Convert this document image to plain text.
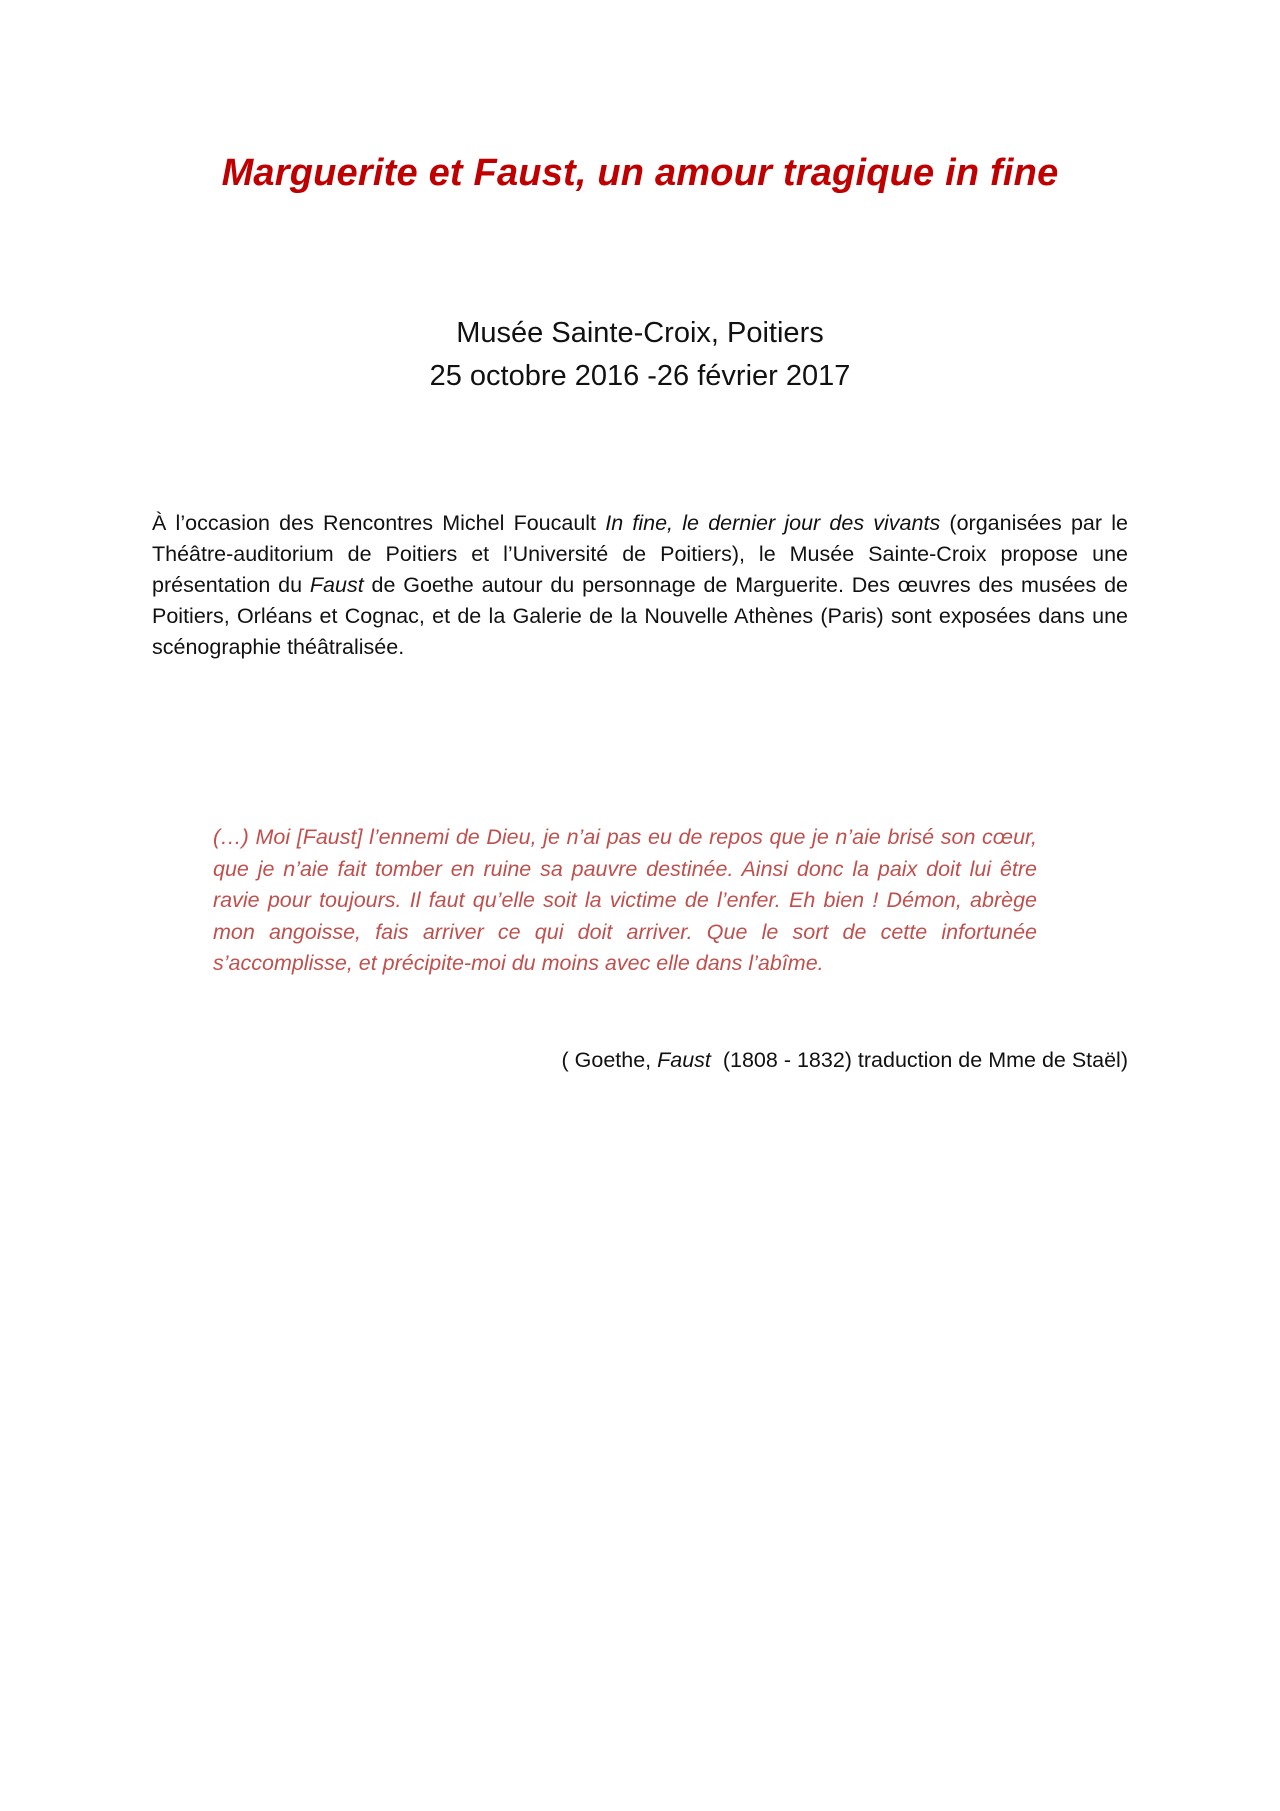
Marguerite et Faust, un amour tragique in fine
Musée Sainte-Croix, Poitiers
25 octobre 2016 -26 février 2017

À l’occasion des Rencontres Michel Foucault In fine, le dernier jour des vivants (organisées par le Théâtre-auditorium de Poitiers et l’Université de Poitiers), le Musée Sainte-Croix propose une présentation du Faust de Goethe autour du personnage de Marguerite. Des œuvres des musées de Poitiers, Orléans et Cognac, et de la Galerie de la Nouvelle Athènes (Paris) sont exposées dans une scénographie théâtralisée.

(…) Moi [Faust] l’ennemi de Dieu, je n’ai pas eu de repos que je n’aie brisé son cœur, que je n’aie fait tomber en ruine sa pauvre destinée. Ainsi donc la paix doit lui être ravie pour toujours. Il faut qu’elle soit la victime de l’enfer. Eh bien ! Démon, abrège mon angoisse, fais arriver ce qui doit arriver. Que le sort de cette infortunée s’accomplisse, et précipite-moi du moins avec elle dans l’abîme.

( Goethe, Faust  (1808 - 1832) traduction de Mme de Staël)
